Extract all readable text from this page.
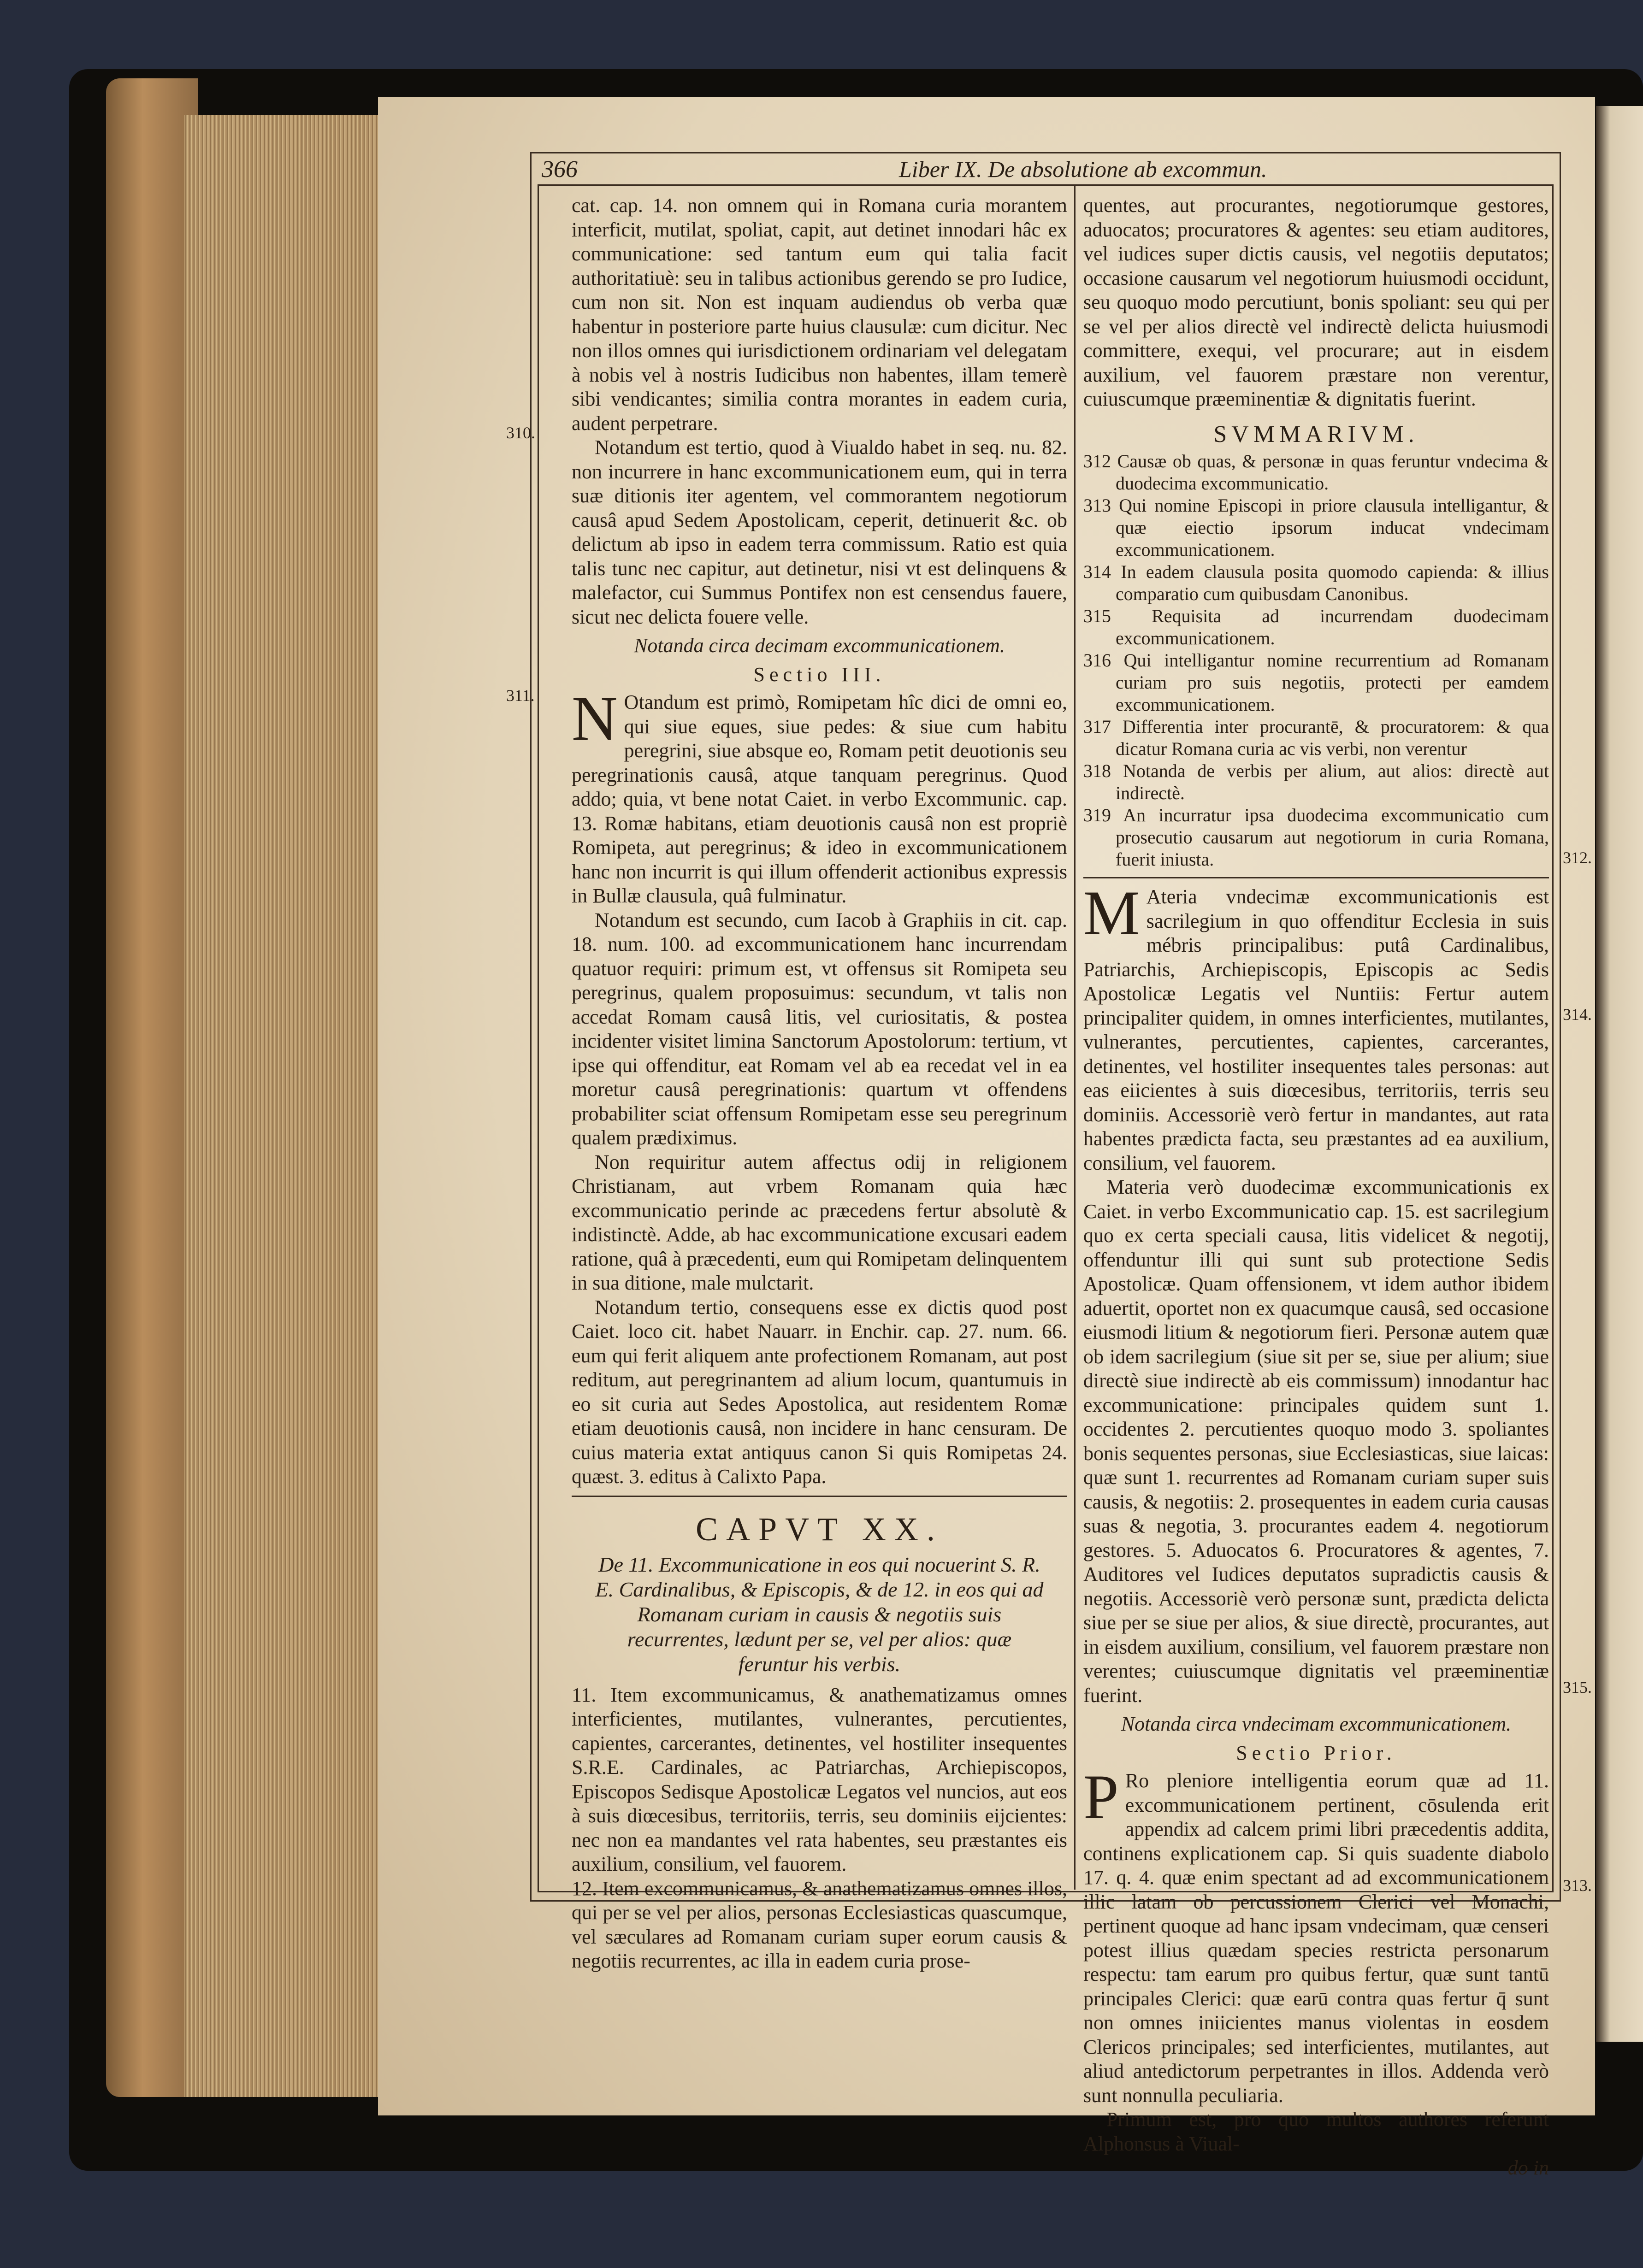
366	Liber IX. De absolutione ab excommun.
310.
311.
312.
314.
315.
313.

cat. cap. 14. non omnem qui in Romana curia morantem interficit, mutilat, spoliat, capit, aut detinet innodari hâc ex communicatione: sed tantum eum qui talia facit authoritatiuè: seu in talibus actionibus gerendo se pro Iudice, cum non sit. Non est inquam audiendus ob verba quæ habentur in posteriore parte huius clausulæ: cum dicitur. Nec non illos omnes qui iurisdictionem ordinariam vel delegatam à nobis vel à nostris Iudicibus non habentes, illam temerè sibi vendicantes; similia contra morantes in eadem curia, audent perpetrare.

Notandum est tertio, quod à Viualdo habet in seq. nu. 82. non incurrere in hanc excommunicationem eum, qui in terra suæ ditionis iter agentem, vel commorantem negotiorum causâ apud Sedem Apostolicam, ceperit, detinuerit &c. ob delictum ab ipso in eadem terra commissum. Ratio est quia talis tunc nec capitur, aut detinetur, nisi vt est delinquens & malefactor, cui Summus Pontifex non est censendus fauere, sicut nec delicta fouere velle.

Notanda circa decimam excommunicationem.

Sectio III.

N Otandum est primò, Romipetam hîc dici de omni eo, qui siue eques, siue pedes: & siue cum habitu peregrini, siue absque eo, Romam petit deuotionis seu peregrinationis causâ, atque tanquam peregrinus. Quod addo; quia, vt bene notat Caiet. in verbo Excommunic. cap. 13. Romæ habitans, etiam deuotionis causâ non est propriè Romipeta, aut peregrinus; & ideo in excommunicationem hanc non incurrit is qui illum offenderit actionibus expressis in Bullæ clausula, quâ fulminatur.

Notandum est secundo, cum Iacob à Graphiis in cit. cap. 18. num. 100. ad excommunicationem hanc incurrendam quatuor requiri: primum est, vt offensus sit Romipeta seu peregrinus, qualem proposuimus: secundum, vt talis non accedat Romam causâ litis, vel curiositatis, & postea incidenter visitet limina Sanctorum Apostolorum: tertium, vt ipse qui offenditur, eat Romam vel ab ea recedat vel in ea moretur causâ peregrinationis: quartum vt offendens probabiliter sciat offensum Romipetam esse seu peregrinum qualem prædiximus.

Non requiritur autem affectus odij in religionem Christianam, aut vrbem Romanam quia hæc excommunicatio perinde ac præcedens fertur absolutè & indistinctè. Adde, ab hac excommunicatione excusari eadem ratione, quâ à præcedenti, eum qui Romipetam delinquentem in sua ditione, male mulctarit.

Notandum tertio, consequens esse ex dictis quod post Caiet. loco cit. habet Nauarr. in Enchir. cap. 27. num. 66. eum qui ferit aliquem ante profectionem Romanam, aut post reditum, aut peregrinantem ad alium locum, quantumuis in eo sit curia aut Sedes Apostolica, aut residentem Romæ etiam deuotionis causâ, non incidere in hanc censuram. De cuius materia extat antiquus canon Si quis Romipetas 24. quæst. 3. editus à Calixto Papa.

CAPVT XX.

De 11. Excommunicatione in eos qui nocuerint S. R. E. Cardinalibus, & Episcopis, & de 12. in eos qui ad Romanam curiam in causis & negotiis suis recurrentes, lædunt per se, vel per alios: quæ feruntur his verbis.

11. Item excommunicamus, & anathematizamus omnes interficientes, mutilantes, vulnerantes, percutientes, capientes, carcerantes, detinentes, vel hostiliter insequentes S.R.E. Cardinales, ac Patriarchas, Archiepiscopos, Episcopos Sedisque Apostolicæ Legatos vel nuncios, aut eos à suis diœcesibus, territoriis, terris, seu dominiis eijcientes: nec non ea mandantes vel rata habentes, seu præstantes eis auxilium, consilium, vel fauorem.

12. Item excommunicamus, & anathematizamus omnes illos, qui per se vel per alios, personas Ecclesiasticas quascumque, vel sæculares ad Romanam curiam super eorum causis & negotiis recurrentes, ac illa in eadem curia prose-

quentes, aut procurantes, negotiorumque gestores, aduocatos; procuratores & agentes: seu etiam auditores, vel iudices super dictis causis, vel negotiis deputatos; occasione causarum vel negotiorum huiusmodi occidunt, seu quoquo modo percutiunt, bonis spoliant: seu qui per se vel per alios directè vel indirectè delicta huiusmodi committere, exequi, vel procurare; aut in eisdem auxilium, vel fauorem præstare non verentur, cuiuscumque præeminentiæ & dignitatis fuerint.

SVMMARIVM.

312 Causæ ob quas, & personæ in quas feruntur vndecima & duodecima excommunicatio.

313 Qui nomine Episcopi in priore clausula intelligantur, & quæ eiectio ipsorum inducat vndecimam excommunicationem.

314 In eadem clausula posita quomodo capienda: & illius comparatio cum quibusdam Canonibus.

315 Requisita ad incurrendam duodecimam excommunicationem.

316 Qui intelligantur nomine recurrentium ad Romanam curiam pro suis negotiis, protecti per eamdem excommunicationem.

317 Differentia inter procurantē, & procuratorem: & qua dicatur Romana curia ac vis verbi, non verentur

318 Notanda de verbis per alium, aut alios: directè aut indirectè.

319 An incurratur ipsa duodecima excommunicatio cum prosecutio causarum aut negotiorum in curia Romana, fuerit iniusta.

M Ateria vndecimæ excommunicationis est sacrilegium in quo offenditur Ecclesia in suis mébris principalibus: putâ Cardinalibus, Patriarchis, Archiepiscopis, Episcopis ac Sedis Apostolicæ Legatis vel Nuntiis: Fertur autem principaliter quidem, in omnes interficientes, mutilantes, vulnerantes, percutientes, capientes, carcerantes, detinentes, vel hostiliter insequentes tales personas: aut eas eiicientes à suis diœcesibus, territoriis, terris seu dominiis. Accessoriè verò fertur in mandantes, aut rata habentes prædicta facta, seu præstantes ad ea auxilium, consilium, vel fauorem.

Materia verò duodecimæ excommunicationis ex Caiet. in verbo Excommunicatio cap. 15. est sacrilegium quo ex certa speciali causa, litis videlicet & negotij, offenduntur illi qui sunt sub protectione Sedis Apostolicæ. Quam offensionem, vt idem author ibidem aduertit, oportet non ex quacumque causâ, sed occasione eiusmodi litium & negotiorum fieri. Personæ autem quæ ob idem sacrilegium (siue sit per se, siue per alium; siue directè siue indirectè ab eis commissum) innodantur hac excommunicatione: principales quidem sunt 1. occidentes 2. percutientes quoquo modo 3. spoliantes bonis sequentes personas, siue Ecclesiasticas, siue laicas: quæ sunt 1. recurrentes ad Romanam curiam super suis causis, & negotiis: 2. prosequentes in eadem curia causas suas & negotia, 3. procurantes eadem 4. negotiorum gestores. 5. Aduocatos 6. Procuratores & agentes, 7. Auditores vel Iudices deputatos supradictis causis & negotiis. Accessoriè verò personæ sunt, prædicta delicta siue per se siue per alios, & siue directè, procurantes, aut in eisdem auxilium, consilium, vel fauorem præstare non verentes; cuiuscumque dignitatis vel præeminentiæ fuerint.

Notanda circa vndecimam excommunicationem.

Sectio Prior.

P Ro pleniore intelligentia eorum quæ ad 11. excommunicationem pertinent, cōsulenda erit appendix ad calcem primi libri præcedentis addita, continens explicationem cap. Si quis suadente diabolo 17. q. 4. quæ enim spectant ad ad excommunicationem illic latam ob percussionem Clerici vel Monachi, pertinent quoque ad hanc ipsam vndecimam, quæ censeri potest illius quædam species restricta personarum respectu: tam earum pro quibus fertur, quæ sunt tantū principales Clerici: quæ earū contra quas fertur q̄ sunt non omnes iniicientes manus violentas in eosdem Clericos principales; sed interficientes, mutilantes, aut aliud antedictorum perpetrantes in illos. Addenda verò sunt nonnulla peculiaria.

Primum est, pro quo multos authores referunt Alphonsus à Viual-

do in
